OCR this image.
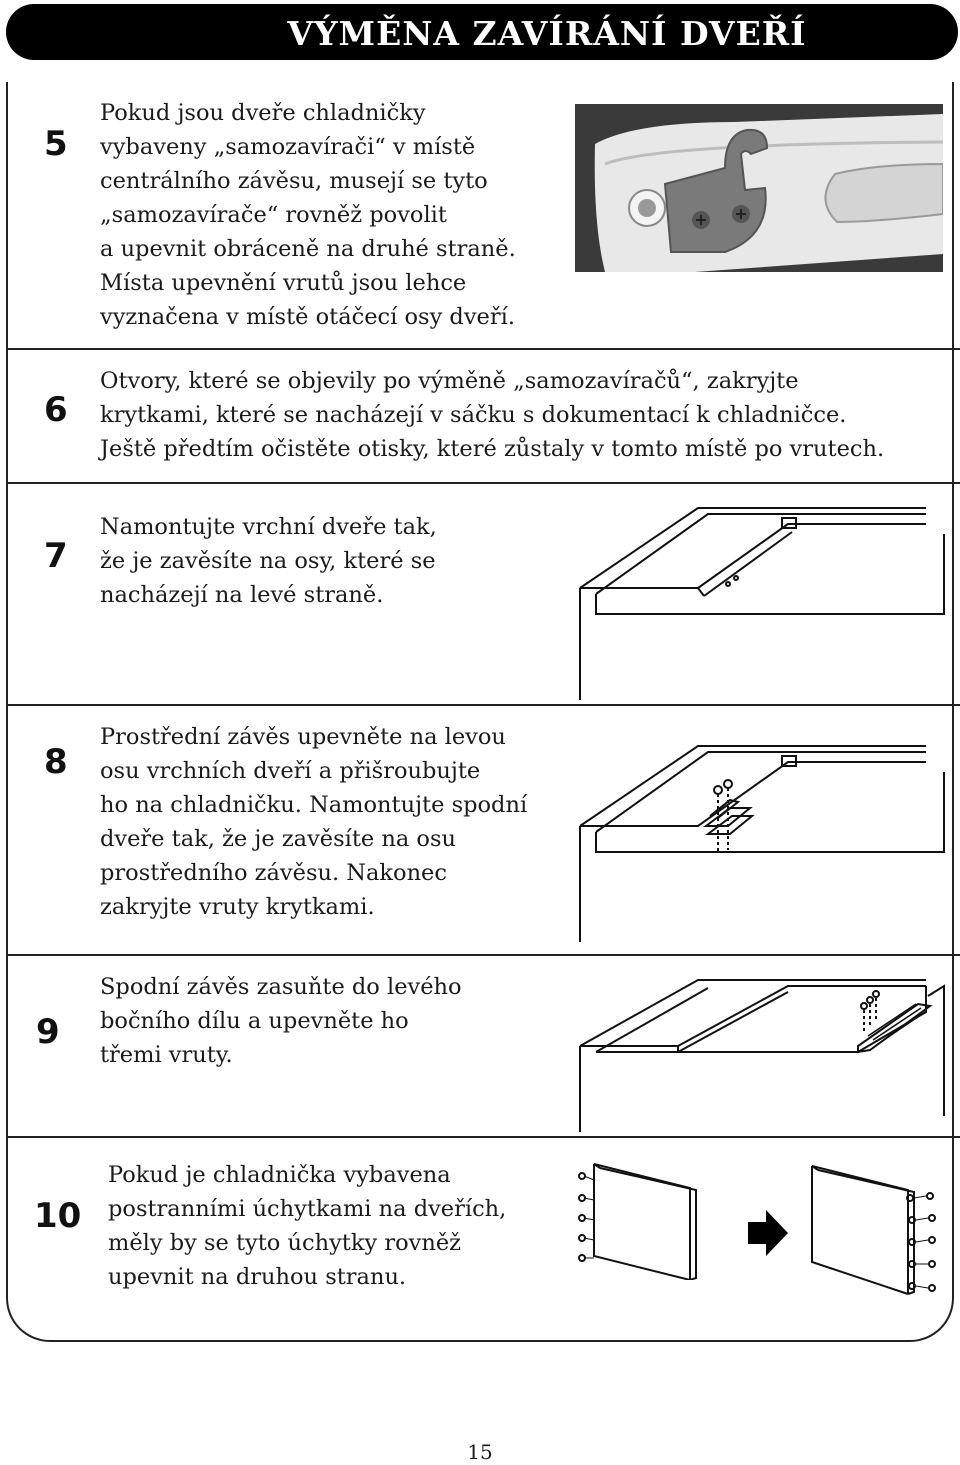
VÝMĚNA ZAVÍRÁNÍ DVEŘÍ
5
Pokud jsou dveře chladničky
vybaveny „samozavírači“ v místě
centrálního závěsu, musejí se tyto
„samozavírače“ rovněž povolit
a upevnit obráceně na druhé straně.
Místa upevnění vrutů jsou lehce
vyznačena v místě otáčecí osy dveří.
6
Otvory, které se objevily po výměně „samozavíračů“, zakryjte
krytkami, které se nacházejí v sáčku s dokumentací k chladničce.
Ještě předtím očistěte otisky, které zůstaly v tomto místě po vrutech.
7
Namontujte vrchní dveře tak,
že je zavěsíte na osy, které se
nacházejí na levé straně.
8
Prostřední závěs upevněte na levou
osu vrchních dveří a přišroubujte
ho na chladničku. Namontujte spodní
dveře tak, že je zavěsíte na osu
prostředního závěsu. Nakonec
zakryjte vruty krytkami.
9
Spodní závěs zasuňte do levého
bočního dílu a upevněte ho
třemi vruty.
10
Pokud je chladnička vybavena
postranními úchytkami na dveřích,
měly by se tyto úchytky rovněž
upevnit na druhou stranu.
15
